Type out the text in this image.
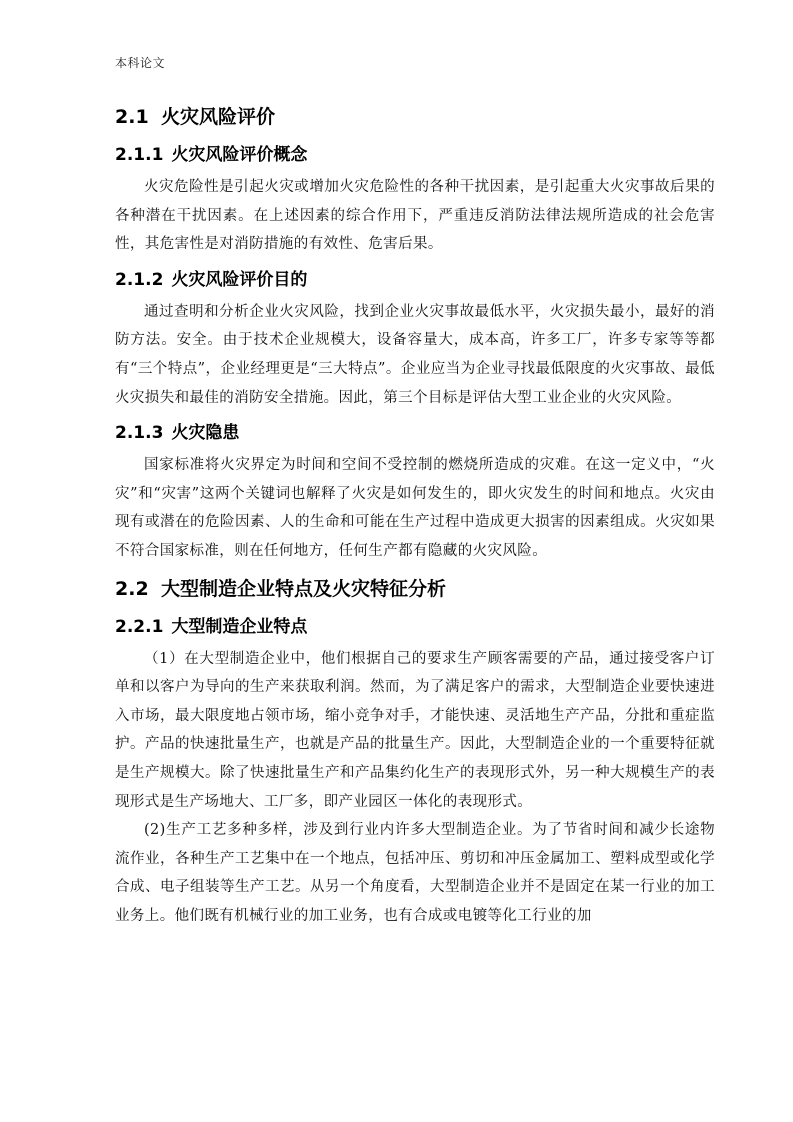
本科论文
2.1 火灾风险评价
2.1.1 火灾风险评价概念

火灾危险性是引起火灾或增加火灾危险性的各种干扰因素，是引起重大火灾事故后果的各种潜在干扰因素。在上述因素的综合作用下，严重违反消防法律法规所造成的社会危害性，其危害性是对消防措施的有效性、危害后果。

2.1.2 火灾风险评价目的

通过查明和分析企业火灾风险，找到企业火灾事故最低水平，火灾损失最小，最好的消防方法。安全。由于技术企业规模大，设备容量大，成本高，许多工厂，许多专家等等都有“三个特点”，企业经理更是“三大特点”。企业应当为企业寻找最低限度的火灾事故、最低火灾损失和最佳的消防安全措施。因此，第三个目标是评估大型工业企业的火灾风险。

2.1.3 火灾隐患

国家标准将火灾界定为时间和空间不受控制的燃烧所造成的灾难。在这一定义中，“火灾”和“灾害”这两个关键词也解释了火灾是如何发生的，即火灾发生的时间和地点。火灾由现有或潜在的危险因素、人的生命和可能在生产过程中造成更大损害的因素组成。火灾如果不符合国家标准，则在任何地方，任何生产都有隐藏的火灾风险。

2.2 大型制造企业特点及火灾特征分析
2.2.1 大型制造企业特点

（1）在大型制造企业中，他们根据自己的要求生产顾客需要的产品，通过接受客户订单和以客户为导向的生产来获取利润。然而，为了满足客户的需求，大型制造企业要快速进入市场，最大限度地占领市场，缩小竞争对手，才能快速、灵活地生产产品，分批和重症监护。产品的快速批量生产，也就是产品的批量生产。因此，大型制造企业的一个重要特征就是生产规模大。除了快速批量生产和产品集约化生产的表现形式外，另一种大规模生产的表现形式是生产场地大、工厂多，即产业园区一体化的表现形式。

(2)生产工艺多种多样，涉及到行业内许多大型制造企业。为了节省时间和减少长途物流作业，各种生产工艺集中在一个地点，包括冲压、剪切和冲压金属加工、塑料成型或化学合成、电子组装等生产工艺。从另一个角度看，大型制造企业并不是固定在某一行业的加工业务上。他们既有机械行业的加工业务，也有合成或电镀等化工行业的加
